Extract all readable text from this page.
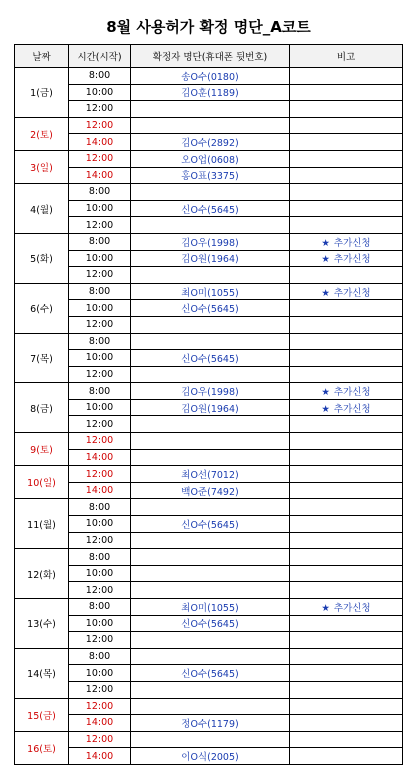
8월 사용허가 확정 명단_A코트
날짜	시간(시작)	확정자 명단(휴대폰 뒷번호)	비고
1(금)	8:00	송O수(0180)	
	10:00	김O훈(1189)	
	12:00		
2(토)	12:00		
	14:00	김O수(2892)	
3(일)	12:00	오O업(0608)	
	14:00	홍O표(3375)	
4(월)	8:00		
	10:00	신O수(5645)	
	12:00		
5(화)	8:00	김O우(1998)	★ 추가신청
	10:00	김O원(1964)	★ 추가신청
	12:00		
6(수)	8:00	최O미(1055)	★ 추가신청
	10:00	신O수(5645)	
	12:00		
7(목)	8:00		
	10:00	신O수(5645)	
	12:00		
8(금)	8:00	김O우(1998)	★ 추가신청
	10:00	김O원(1964)	★ 추가신청
	12:00		
9(토)	12:00		
	14:00		
10(일)	12:00	최O선(7012)	
	14:00	백O준(7492)	
11(월)	8:00		
	10:00	신O수(5645)	
	12:00		
12(화)	8:00		
	10:00		
	12:00		
13(수)	8:00	최O미(1055)	★ 추가신청
	10:00	신O수(5645)	
	12:00		
14(목)	8:00		
	10:00	신O수(5645)	
	12:00		
15(금)	12:00		
	14:00	정O수(1179)	
16(토)	12:00		
	14:00	이O식(2005)	
